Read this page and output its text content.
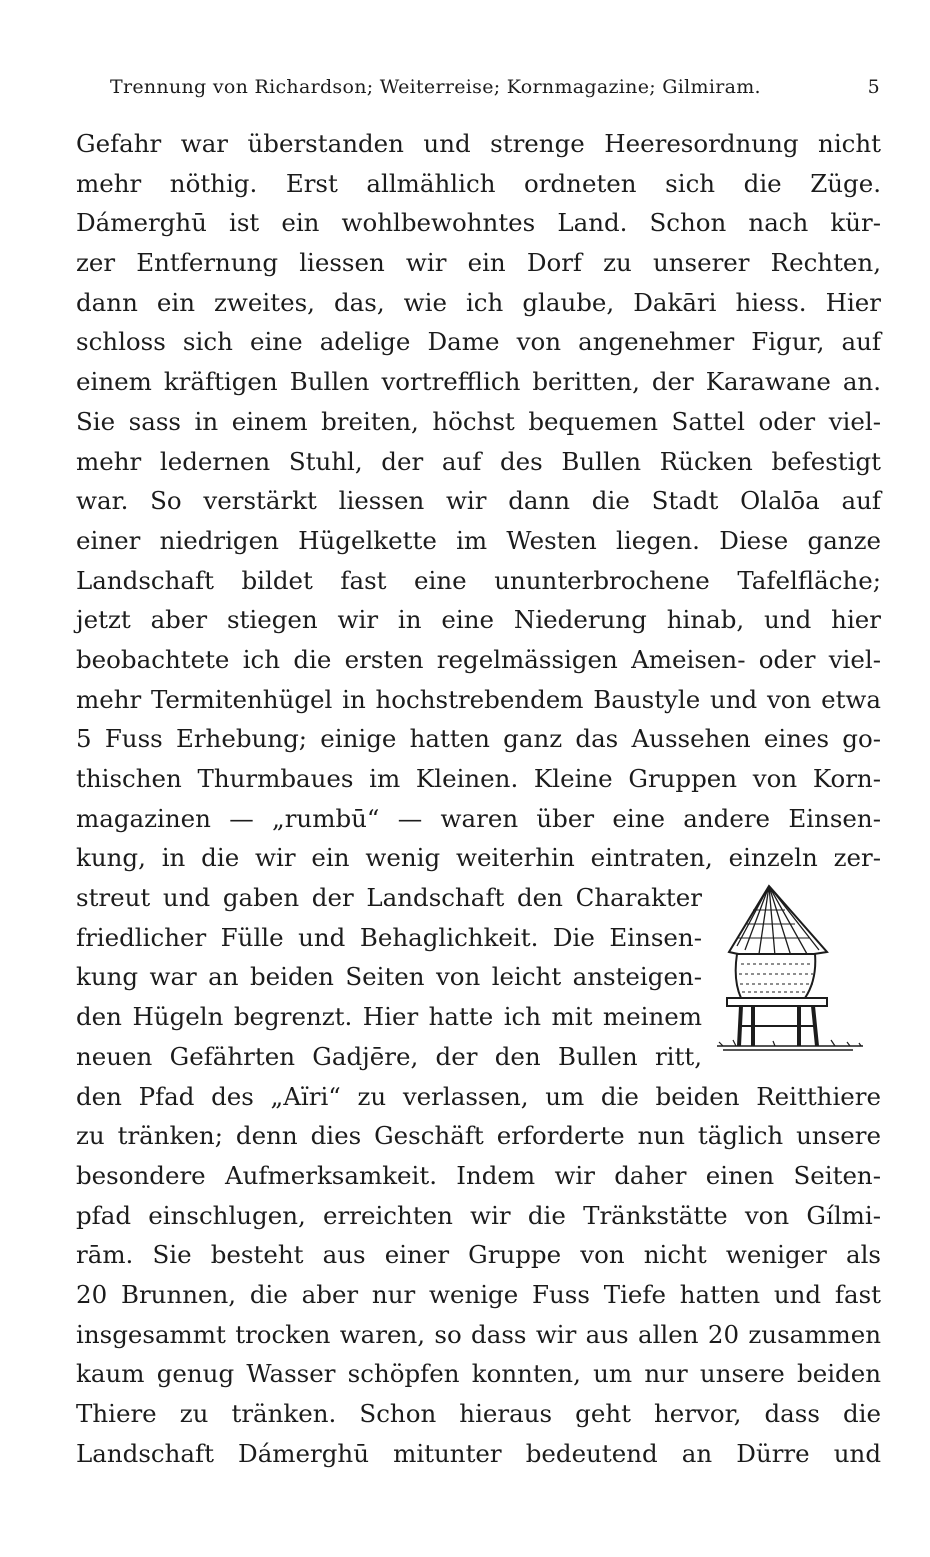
Trennung von Richardson; Weiterreise; Kornmagazine; Gilmiram.	5
Gefahr war überstanden und strenge Heeresordnung nicht
mehr nöthig. Erst allmählich ordneten sich die Züge.
Dámerghū ist ein wohlbewohntes Land. Schon nach kür-
zer Entfernung liessen wir ein Dorf zu unserer Rechten,
dann ein zweites, das, wie ich glaube, Dakāri hiess. Hier
schloss sich eine adelige Dame von angenehmer Figur, auf
einem kräftigen Bullen vortrefflich beritten, der Karawane an.
Sie sass in einem breiten, höchst bequemen Sattel oder viel-
mehr ledernen Stuhl, der auf des Bullen Rücken befestigt
war. So verstärkt liessen wir dann die Stadt Olalōa auf
einer niedrigen Hügelkette im Westen liegen. Diese ganze
Landschaft bildet fast eine ununterbrochene Tafelfläche;
jetzt aber stiegen wir in eine Niederung hinab, und hier
beobachtete ich die ersten regelmässigen Ameisen- oder viel-
mehr Termitenhügel in hochstrebendem Baustyle und von etwa
5 Fuss Erhebung; einige hatten ganz das Aussehen eines go-
thischen Thurmbaues im Kleinen. Kleine Gruppen von Korn-
magazinen — „rumbū“ — waren über eine andere Einsen-
kung, in die wir ein wenig weiterhin eintraten, einzeln zer-
streut und gaben der Landschaft den Charakter
friedlicher Fülle und Behaglichkeit. Die Einsen-
kung war an beiden Seiten von leicht ansteigen-
den Hügeln begrenzt. Hier hatte ich mit meinem
neuen Gefährten Gadjēre, der den Bullen ritt,
den Pfad des „Aïri“ zu verlassen, um die beiden Reitthiere
zu tränken; denn dies Geschäft erforderte nun täglich unsere
besondere Aufmerksamkeit. Indem wir daher einen Seiten-
pfad einschlugen, erreichten wir die Tränkstätte von Gílmi-
rām. Sie besteht aus einer Gruppe von nicht weniger als
20 Brunnen, die aber nur wenige Fuss Tiefe hatten und fast
insgesammt trocken waren, so dass wir aus allen 20 zusammen
kaum genug Wasser schöpfen konnten, um nur unsere beiden
Thiere zu tränken. Schon hieraus geht hervor, dass die
Landschaft Dámerghū mitunter bedeutend an Dürre und
